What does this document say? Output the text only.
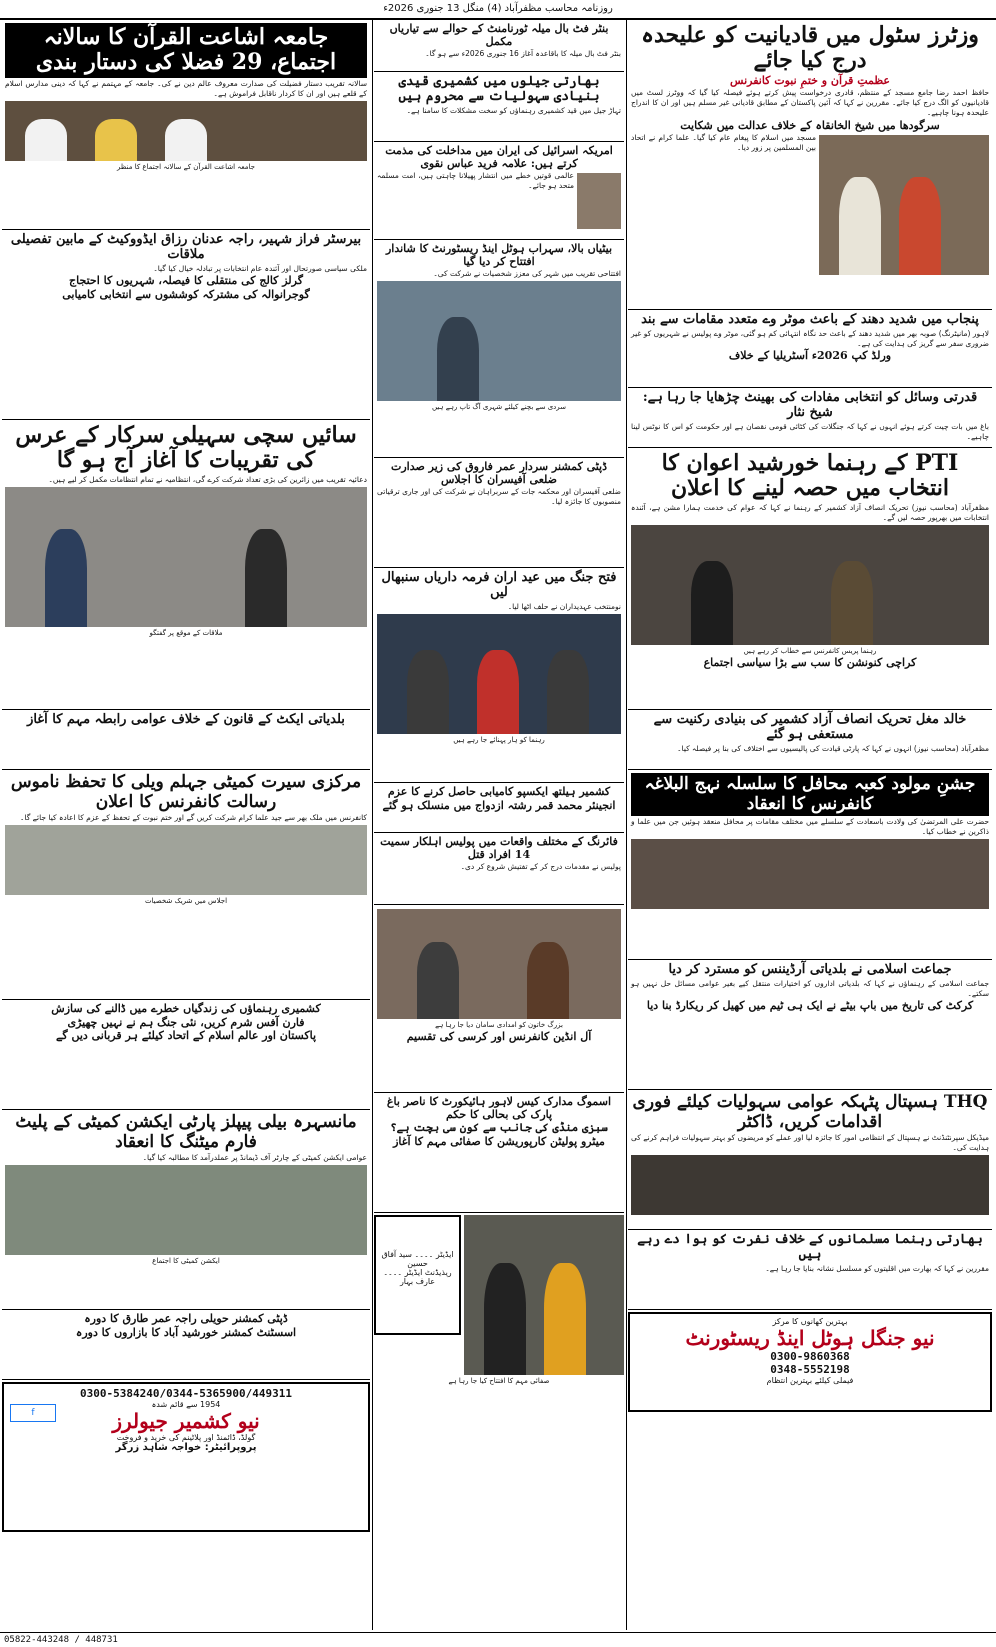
روزنامہ محاسب مظفرآباد (4) منگل 13 جنوری 2026ء
وزٹرز سٹول میں قادیانیت کو علیحدہ درج کیا جائے
عظمتِ قرآن و ختمِ نبوت کانفرنس
حافظ احمد رضا جامع مسجد کے منتظم، قادری درخواست پیش کرتے ہوئے فیصلہ کیا گیا کہ ووٹرز لسٹ میں قادیانیوں کو الگ درج کیا جائے۔ مقررین نے کہا کہ آئین پاکستان کے مطابق قادیانی غیر مسلم ہیں اور ان کا اندراج علیحدہ ہونا چاہیے۔
سرگودھا میں شیخ الخانقاہ کے خلاف عدالت میں شکایت
مسجد میں اسلام کا پیغام عام کیا گیا۔ علما کرام نے اتحاد بین المسلمین پر زور دیا۔
پنجاب میں شدید دھند کے باعث موٹر وے متعدد مقامات سے بند
لاہور (مانیٹرنگ) صوبہ بھر میں شدید دھند کے باعث حد نگاہ انتہائی کم ہو گئی، موٹر وے پولیس نے شہریوں کو غیر ضروری سفر سے گریز کی ہدایت کی ہے۔
ورلڈ کپ 2026ء آسٹریلیا کے خلاف
قدرتی وسائل کو انتخابی مفادات کی بھینٹ چڑھایا جا رہا ہے: شیخ نثار
باغ میں بات چیت کرتے ہوئے انہوں نے کہا کہ جنگلات کی کٹائی قومی نقصان ہے اور حکومت کو اس کا نوٹس لینا چاہیے۔
PTI کے رہنما خورشید اعوان کا انتخاب میں حصہ لینے کا اعلان
مظفرآباد (محاسب نیوز) تحریک انصاف آزاد کشمیر کے رہنما نے کہا کہ عوام کی خدمت ہمارا مشن ہے، آئندہ انتخابات میں بھرپور حصہ لیں گے۔
رہنما پریس کانفرنس سے خطاب کر رہے ہیں
کراچی کنونشن کا سب سے بڑا سیاسی اجتماع
خالد مغل تحریک انصاف آزاد کشمیر کی بنیادی رکنیت سے مستعفی ہو گئے
مظفرآباد (محاسب نیوز) انہوں نے کہا کہ پارٹی قیادت کی پالیسیوں سے اختلاف کی بنا پر فیصلہ کیا۔
جشنِ مولود کعبہ محافل کا سلسلہ نہج البلاغہ کانفرنس کا انعقاد
حضرت علی المرتضیٰ کی ولادت باسعادت کے سلسلے میں مختلف مقامات پر محافل منعقد ہوئیں جن میں علما و ذاکرین نے خطاب کیا۔
جماعت اسلامی نے بلدیاتی آرڈیننس کو مسترد کر دیا
جماعت اسلامی کے رہنماؤں نے کہا کہ بلدیاتی اداروں کو اختیارات منتقل کیے بغیر عوامی مسائل حل نہیں ہو سکتے۔
کرکٹ کی تاریخ میں باپ بیٹے نے ایک ہی ٹیم میں کھیل کر ریکارڈ بنا دیا
THQ ہسپتال پٹہکہ عوامی سہولیات کیلئے فوری اقدامات کریں، ڈاکٹر
میڈیکل سپرنٹنڈنٹ نے ہسپتال کے انتظامی امور کا جائزہ لیا اور عملے کو مریضوں کو بہتر سہولیات فراہم کرنے کی ہدایت کی۔
بھارتی رہنما مسلمانوں کے خلاف نفرت کو ہوا دے رہے ہیں
مقررین نے کہا کہ بھارت میں اقلیتوں کو مسلسل نشانہ بنایا جا رہا ہے۔
بہترین کھانوں کا مرکز
نیو جنگل ہوٹل اینڈ ریسٹورنٹ
0300-9860368
0348-5552198
فیملی کیلئے بہترین انتظام
بنٹر فٹ بال میلہ ٹورنامنٹ کے حوالے سے تیاریاں مکمل
بنٹر فٹ بال میلہ کا باقاعدہ آغاز 16 جنوری 2026ء سے ہو گا۔
بھارتی جیلوں میں کشمیری قیدی بنیادی سہولیات سے محروم ہیں
تہاڑ جیل میں قید کشمیری رہنماؤں کو سخت مشکلات کا سامنا ہے۔
امریکہ اسرائیل کی ایران میں مداخلت کی مذمت کرتے ہیں: علامہ فرید عباس نقوی
عالمی قوتیں خطے میں انتشار پھیلانا چاہتی ہیں، امت مسلمہ متحد ہو جائے۔
بیٹیاں بالا، سہراب ہوٹل اینڈ ریسٹورنٹ کا شاندار افتتاح کر دیا گیا
افتتاحی تقریب میں شہر کی معزز شخصیات نے شرکت کی۔
سردی سے بچنے کیلئے شہری آگ تاپ رہے ہیں
ڈپٹی کمشنر سردار عمر فاروق کی زیر صدارت ضلعی آفیسران کا اجلاس
ضلعی آفیسران اور محکمہ جات کے سربراہان نے شرکت کی اور جاری ترقیاتی منصوبوں کا جائزہ لیا۔
فتح جنگ میں عید اران فرمہ داریاں سنبھال لیں
نومنتخب عہدیداران نے حلف اٹھا لیا۔
رہنما کو ہار پہنائے جا رہے ہیں
کشمیر ہیلتھ ایکسپو کامیابی حاصل کرنے کا عزم
انجینئر محمد قمر رشتہ ازدواج میں منسلک ہو گئے
فائرنگ کے مختلف واقعات میں پولیس اہلکار سمیت 14 افراد قتل
پولیس نے مقدمات درج کر کے تفتیش شروع کر دی۔
بزرگ خاتون کو امدادی سامان دیا جا رہا ہے
آل انڈین کانفرنس اور کرسی کی تقسیم
اسموگ مدارک کیس لاہور ہائیکورٹ کا ناصر باغ پارک کی بحالی کا حکم
سبزی منڈی کی جانب سے کون سی بچت ہے؟
میٹرو پولیٹن کارپوریشن کا صفائی مہم کا آغاز
ایڈیٹر ۔۔۔۔ سید آفاق حسین
ریذیڈنٹ ایڈیٹر ۔۔۔۔ عارف بہار
صفائی مہم کا افتتاح کیا جا رہا ہے
جامعہ اشاعت القرآن کا سالانہ اجتماع، 29 فضلا کی دستار بندی
سالانہ تقریب دستار فضیلت کی صدارت معروف عالم دین نے کی۔ جامعہ کے مہتمم نے کہا کہ دینی مدارس اسلام کے قلعے ہیں اور ان کا کردار ناقابل فراموش ہے۔
جامعہ اشاعت القرآن کے سالانہ اجتماع کا منظر
بیرسٹر فراز شہیر، راجہ عدنان رزاق ایڈووکیٹ کے مابین تفصیلی ملاقات
ملکی سیاسی صورتحال اور آئندہ عام انتخابات پر تبادلہ خیال کیا گیا۔
گرلز کالج کی منتقلی کا فیصلہ، شہریوں کا احتجاج
گوجرانوالہ کی مشترکہ کوششوں سے انتخابی کامیابی
سائیں سچی سہیلی سرکار کے عرس کی تقریبات کا آغاز آج ہو گا
دعائیہ تقریب میں زائرین کی بڑی تعداد شرکت کرے گی، انتظامیہ نے تمام انتظامات مکمل کر لیے ہیں۔
ملاقات کے موقع پر گفتگو
بلدیاتی ایکٹ کے قانون کے خلاف عوامی رابطہ مہم کا آغاز
مرکزی سیرت کمیٹی جہلم ویلی کا تحفظ ناموس رسالت کانفرنس کا اعلان
کانفرنس میں ملک بھر سے جید علما کرام شرکت کریں گے اور ختم نبوت کے تحفظ کے عزم کا اعادہ کیا جائے گا۔
اجلاس میں شریک شخصیات
کشمیری رہنماؤں کی زندگیاں خطرے میں ڈالنے کی سازش
فارن آفس شرم کریں، نئی جنگ ہم نے نہیں چھیڑی
پاکستان اور عالم اسلام کے اتحاد کیلئے ہر قربانی دیں گے
مانسہرہ بیلی پیپلز پارٹی ایکشن کمیٹی کے پلیٹ فارم میٹنگ کا انعقاد
عوامی ایکشن کمیٹی کے چارٹر آف ڈیمانڈ پر عملدرآمد کا مطالبہ کیا گیا۔
ایکشن کمیٹی کا اجتماع
ڈپٹی کمشنر حویلی راجہ عمر طارق کا دورہ
اسسٹنٹ کمشنر خورشید آباد کا بازاروں کا دورہ
0300-5384240/0344-5365900/449311
1954 سے قائم شدہ
نیو کشمیر جیولرز
گولڈ، ڈائمنڈ اور پلاٹینم کی خرید و فروخت
پروپرائیٹر: خواجہ شاہد زرگر
f
05822-443248 / 448731
